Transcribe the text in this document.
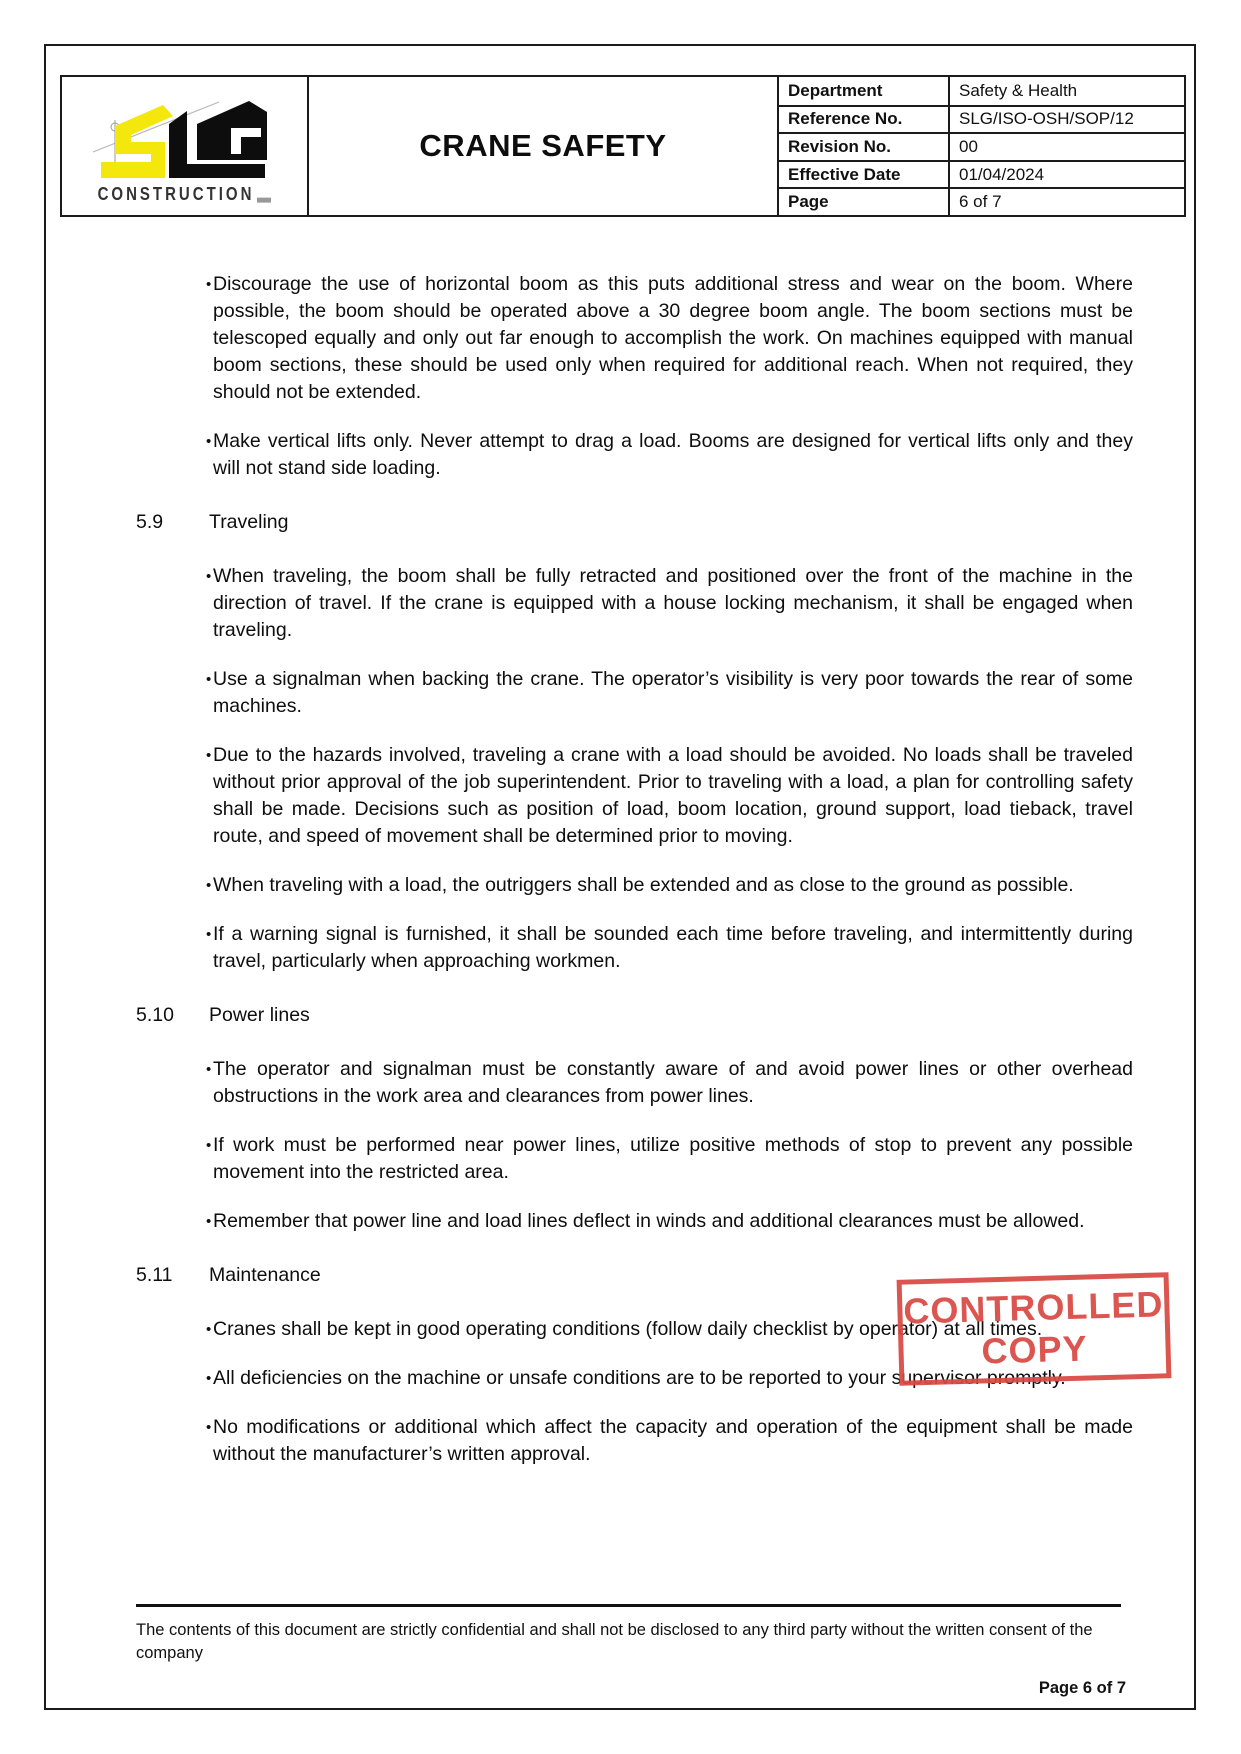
CONSTRUCTION
CRANE SAFETY
Department	Safety & Health
Reference No.	SLG/ISO-OSH/SOP/12
Revision No.	00
Effective Date	01/04/2024
Page	6 of 7
• Discourage the use of horizontal boom as this puts additional stress and wear on the boom. Where possible, the boom should be operated above a 30 degree boom angle. The boom sections must be telescoped equally and only out far enough to accomplish the work. On machines equipped with manual boom sections, these should be used only when required for additional reach. When not required, they should not be extended.

• Make vertical lifts only. Never attempt to drag a load. Booms are designed for vertical lifts only and they will not stand side loading.

5.9	Traveling
• When traveling, the boom shall be fully retracted and positioned over the front of the machine in the direction of travel. If the crane is equipped with a house locking mechanism, it shall be engaged when traveling.

• Use a signalman when backing the crane. The operator’s visibility is very poor towards the rear of some machines.

• Due to the hazards involved, traveling a crane with a load should be avoided. No loads shall be traveled without prior approval of the job superintendent. Prior to traveling with a load, a plan for controlling safety shall be made. Decisions such as position of load, boom location, ground support, load tieback, travel route, and speed of movement shall be determined prior to moving.

• When traveling with a load, the outriggers shall be extended and as close to the ground as possible.

• If a warning signal is furnished, it shall be sounded each time before traveling, and intermittently during travel, particularly when approaching workmen.

5.10	Power lines
• The operator and signalman must be constantly aware of and avoid power lines or other overhead obstructions in the work area and clearances from power lines.

• If work must be performed near power lines, utilize positive methods of stop to prevent any possible movement into the restricted area.

• Remember that power line and load lines deflect in winds and additional clearances must be allowed.

5.11	Maintenance
• Cranes shall be kept in good operating conditions (follow daily checklist by operator) at all times.

• All deficiencies on the machine or unsafe conditions are to be reported to your supervisor promptly.

• No modifications or additional which affect the capacity and operation of the equipment shall be made without the manufacturer’s written approval.

CONTROLLED
COPY

The contents of this document are strictly confidential and shall not be disclosed to any third party without the written consent of the company

Page 6 of 7
